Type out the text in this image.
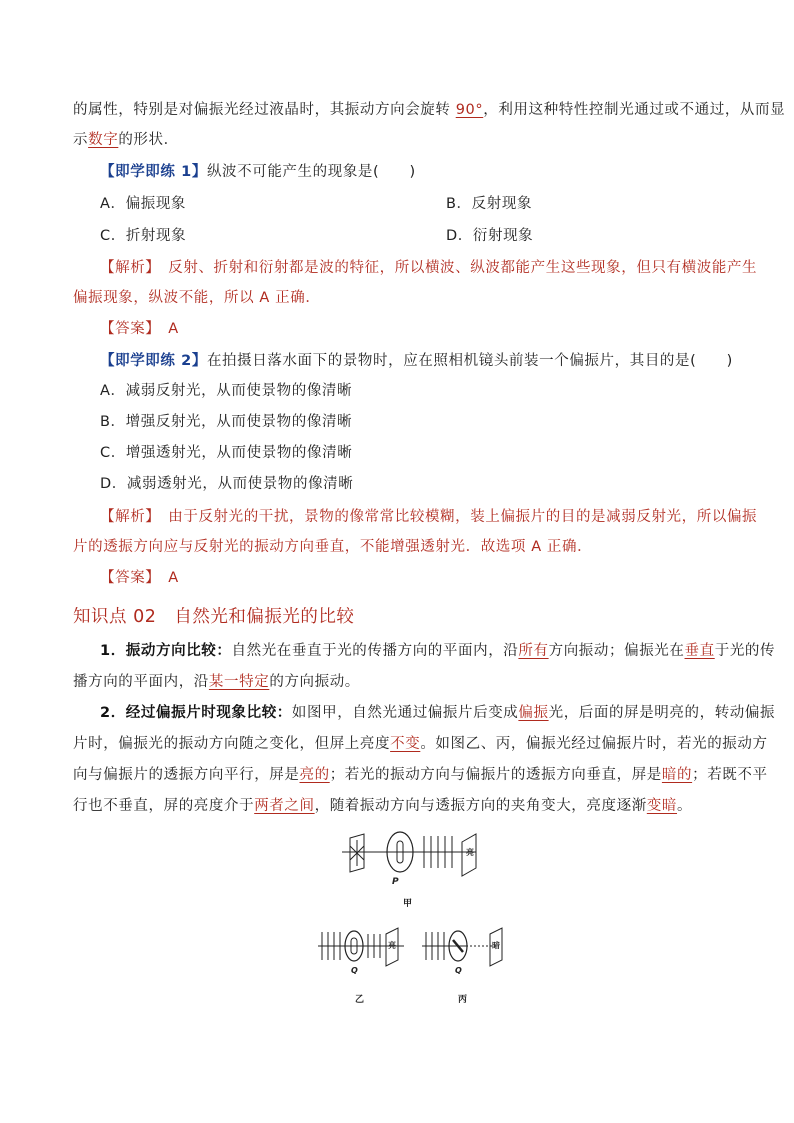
的属性，特别是对偏振光经过液晶时，其振动方向会旋转 90°，利用这种特性控制光通过或不通过，从而显
示数字的形状．
【即学即练 1】纵波不可能产生的现象是(　　)
A．偏振现象	B．反射现象
C．折射现象	D．衍射现象
【解析】　反射、折射和衍射都是波的特征，所以横波、纵波都能产生这些现象，但只有横波能产生
偏振现象，纵波不能，所以 A 正确．
【答案】　A
【即学即练 2】在拍摄日落水面下的景物时，应在照相机镜头前装一个偏振片，其目的是(　　)
A．减弱反射光，从而使景物的像清晰
B．增强反射光，从而使景物的像清晰
C．增强透射光，从而使景物的像清晰
D．减弱透射光，从而使景物的像清晰
【解析】　由于反射光的干扰，景物的像常常比较模糊，装上偏振片的目的是减弱反射光，所以偏振
片的透振方向应与反射光的振动方向垂直，不能增强透射光．故选项 A 正确．
【答案】　A
知识点 02　自然光和偏振光的比较
1．振动方向比较：自然光在垂直于光的传播方向的平面内，沿所有方向振动；偏振光在垂直于光的传
播方向的平面内，沿某一特定的方向振动。
2．经过偏振片时现象比较：如图甲，自然光通过偏振片后变成偏振光，后面的屏是明亮的，转动偏振
片时，偏振光的振动方向随之变化，但屏上亮度不变。如图乙、丙，偏振光经过偏振片时，若光的振动方
向与偏振片的透振方向平行，屏是亮的；若光的振动方向与偏振片的透振方向垂直，屏是暗的；若既不平
行也不垂直，屏的亮度介于两者之间，随着振动方向与透振方向的夹角变大，亮度逐渐变暗。
P
亮
甲
Q
亮
乙
Q
暗
丙
